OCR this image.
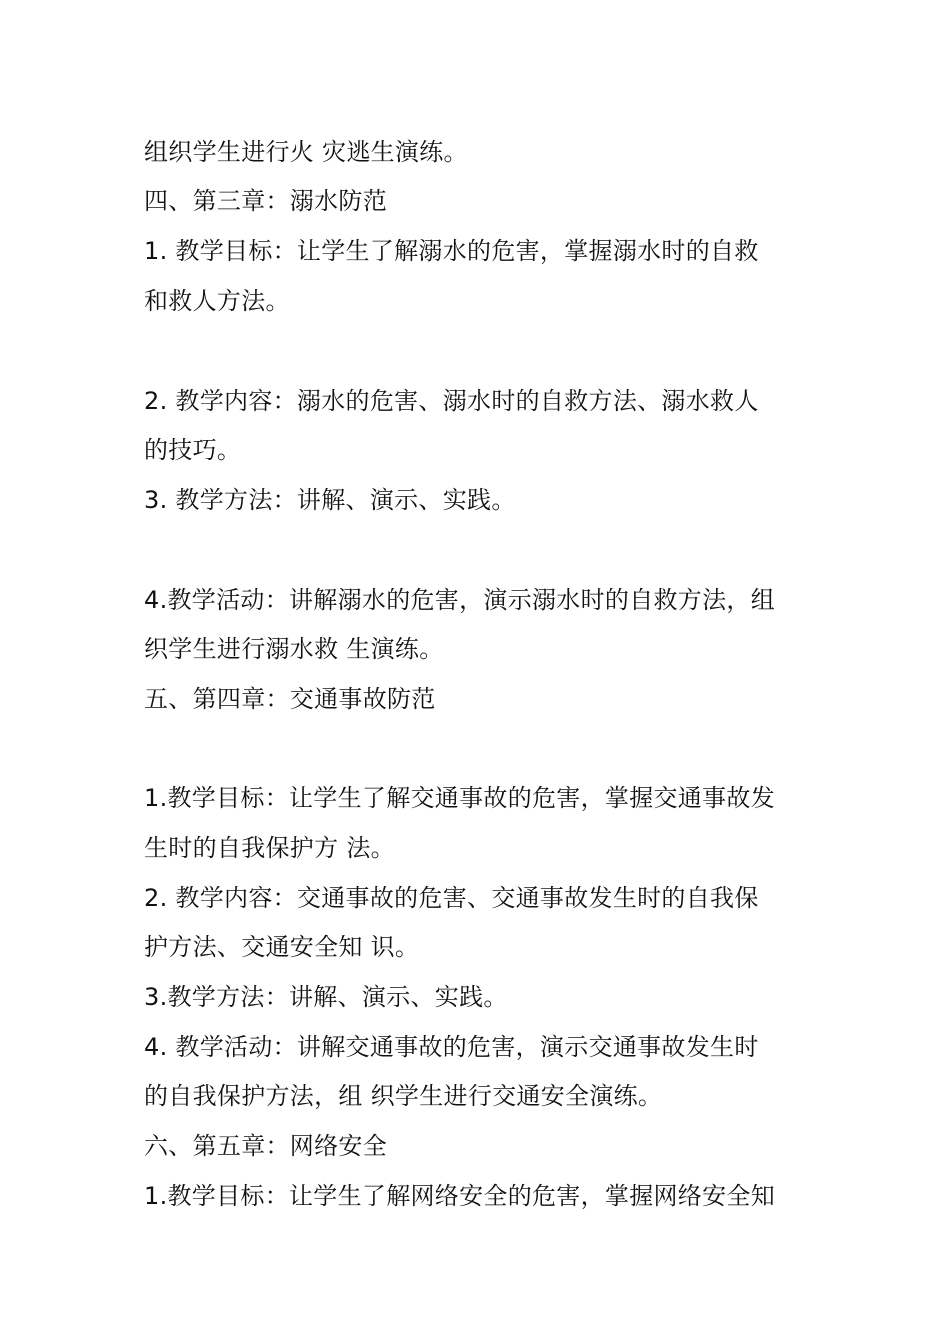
组织学生进行火 灾逃生演练。
四、第三章：溺水防范
1. 教学目标：让学生了解溺水的危害，掌握溺水时的自救
和救人方法。
2. 教学内容：溺水的危害、溺水时的自救方法、溺水救人
的技巧。
3. 教学方法：讲解、演示、实践。
4.教学活动：讲解溺水的危害，演示溺水时的自救方法，组
织学生进行溺水救 生演练。
五、第四章：交通事故防范
1.教学目标：让学生了解交通事故的危害，掌握交通事故发
生时的自我保护方 法。
2. 教学内容：交通事故的危害、交通事故发生时的自我保
护方法、交通安全知 识。
3.教学方法：讲解、演示、实践。
4. 教学活动：讲解交通事故的危害，演示交通事故发生时
的自我保护方法，组 织学生进行交通安全演练。
六、第五章：网络安全
1.教学目标：让学生了解网络安全的危害，掌握网络安全知
